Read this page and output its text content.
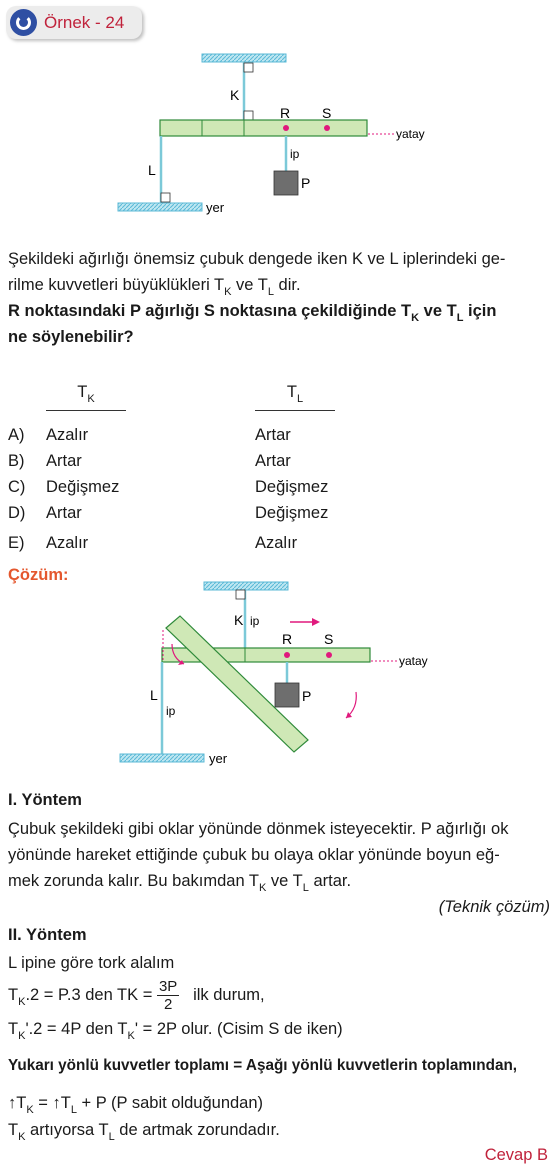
Örnek - 24
K
R S
yatay
ip
L
P
yer
Şekildeki ağırlığı önemsiz çubuk dengede iken K ve L iplerindeki ge-
rilme kuvvetleri büyüklükleri $T_K$ ve $T_L$ dir.
R noktasındaki P ağırlığı S noktasına çekildiğinde $T_K$ ve $T_L$ için
ne söylenebilir?
$T_K$	$T_L$
A) Azalır	Artar
B) Artar	Artar
C) Değişmez	Değişmez
D) Artar	Değişmez
E) Azalır	Azalır
Çözüm:
K ip
R S
yatay
P
L
ip
yer
I. Yöntem
Çubuk şekildeki gibi oklar yönünde dönmek isteyecektir. P ağırlığı ok
yönünde hareket ettiğinde çubuk bu olaya oklar yönünde boyun eğ-
mek zorunda kalır. Bu bakımdan $T_K$ ve $T_L$ artar.
(Teknik çözüm)
II. Yöntem
L ipine göre tork alalım
$T_K.2 = P.3$ den TK = $\frac{3P}{2}$ ilk durum,
$T_K'.2 = 4P$ den $T_K' = 2P$ olur. (Cisim S de iken)
Yukarı yönlü kuvvetler toplamı = Aşağı yönlü kuvvetlerin toplamından,
$↑T_K$ = $↑T_L + P$ (P sabit olduğundan)
$T_K$ artıyorsa $T_L$ de artmak zorundadır.
Cevap B
